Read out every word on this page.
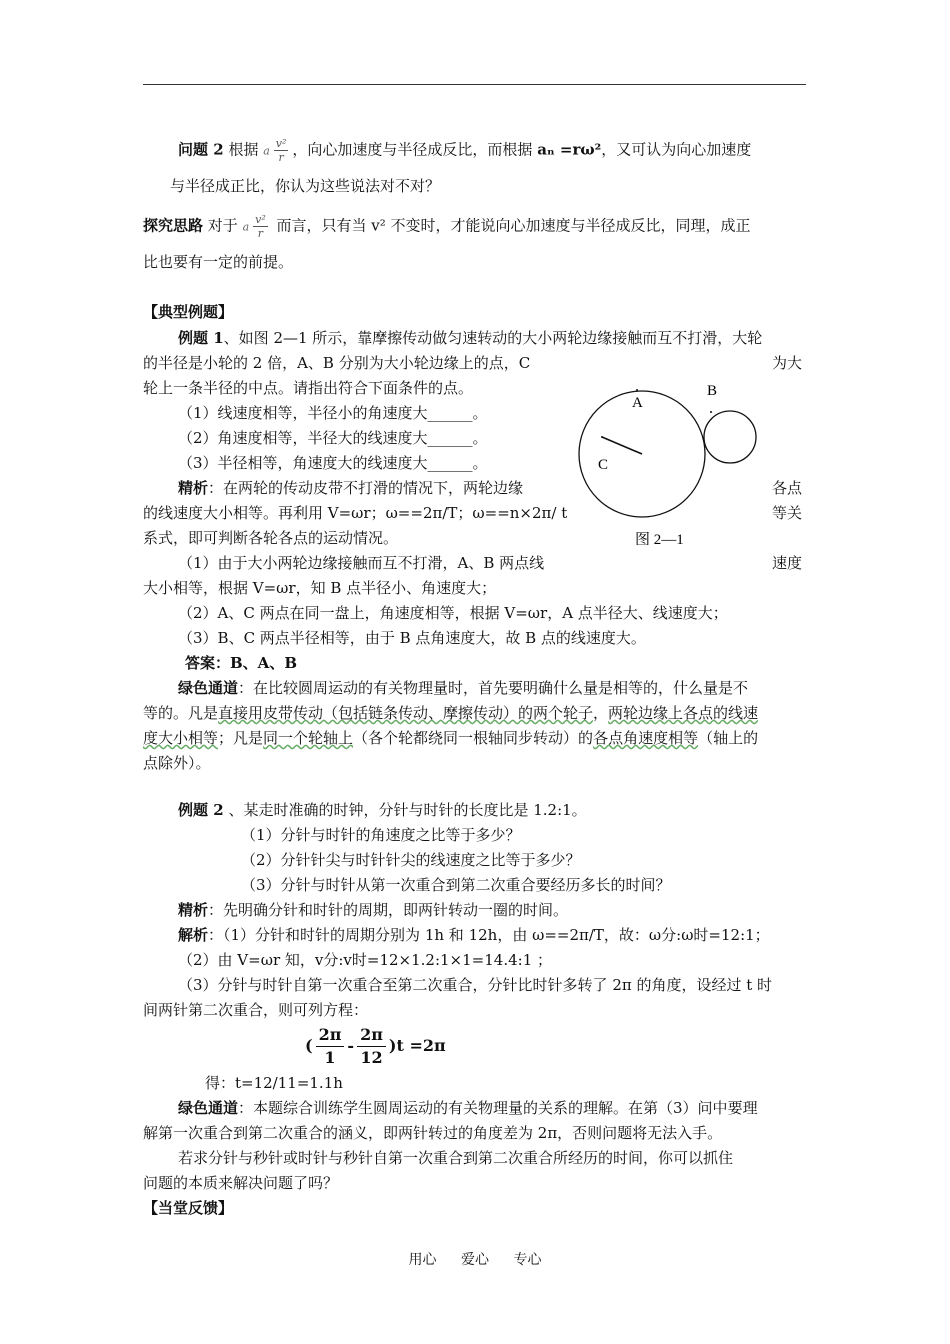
问题 2 根据 a $\frac{\text{v²}}{r}$ ，向心加速度与半径成反比，而根据 aₙ =rω²，又可认为向心加速度
与半径成正比，你认为这些说法对不对？
探究思路 对于 a $\frac{\text{v²}}{r}$ 而言，只有当 v² 不变时，才能说向心加速度与半径成反比，同理，成正
比也要有一定的前提。
【典型例题】
例题 1、如图 2—1 所示，靠摩擦传动做匀速转动的大小两轮边缘接触而互不打滑，大轮
的半径是小轮的 2 倍，A、B 分别为大小轮边缘上的点，C	为大
轮上一条半径的中点。请指出符合下面条件的点。
（1）线速度相等，半径小的角速度大______。
（2）角速度相等，半径大的线速度大______。
（3）半径相等，角速度大的线速度大______。
精析：在两轮的传动皮带不打滑的情况下，两轮边缘	各点
的线速度大小相等。再利用 V=ωr；ω==2π/T；ω==n×2π/ t	等关
系式，即可判断各轮各点的运动情况。
（1）由于大小两轮边缘接触而互不打滑，A、B 两点线	速度
大小相等，根据 V=ωr，知 B 点半径小、角速度大；
（2）A、C 两点在同一盘上，角速度相等，根据 V=ωr，A 点半径大、线速度大；
（3）B、C 两点半径相等，由于 B 点角速度大，故 B 点的线速度大。
答案：B、A、B
绿色通道：在比较圆周运动的有关物理量时，首先要明确什么量是相等的，什么量是不
等的。凡是直接用皮带传动（包括链条传动、摩擦传动）的两个轮子，两轮边缘上各点的线速
度大小相等；凡是同一个轮轴上（各个轮都绕同一根轴同步转动）的各点角速度相等（轴上的
点除外）。
A
B
C
图 2—1
例题 2 、某走时准确的时钟，分针与时针的长度比是 1.2:1。
（1）分针与时针的角速度之比等于多少？
（2）分针针尖与时针针尖的线速度之比等于多少？
（3）分针与时针从第一次重合到第二次重合要经历多长的时间？
精析：先明确分针和时针的周期，即两针转动一圈的时间。
解析：（1）分针和时针的周期分别为 1h 和 12h，由 ω==2π/T，故：ω分:ω时=12:1；
（2）由 V=ωr 知，v分:v时=12×1.2:1×1=14.4:1 ；
（3）分针与时针自第一次重合至第二次重合，分针比时针多转了 2π 的角度，设经过 t 时
间两针第二次重合，则可列方程：
( $\frac{2\pi}{1} - \frac{2\pi}{12} )t =2\pi$
得：t=12/11=1.1h
绿色通道：本题综合训练学生圆周运动的有关物理量的关系的理解。在第（3）问中要理
解第一次重合到第二次重合的涵义，即两针转过的角度差为 2π，否则问题将无法入手。
若求分针与秒针或时针与秒针自第一次重合到第二次重合所经历的时间，你可以抓住
问题的本质来解决问题了吗？
【当堂反馈】
用心 爱心 专心
